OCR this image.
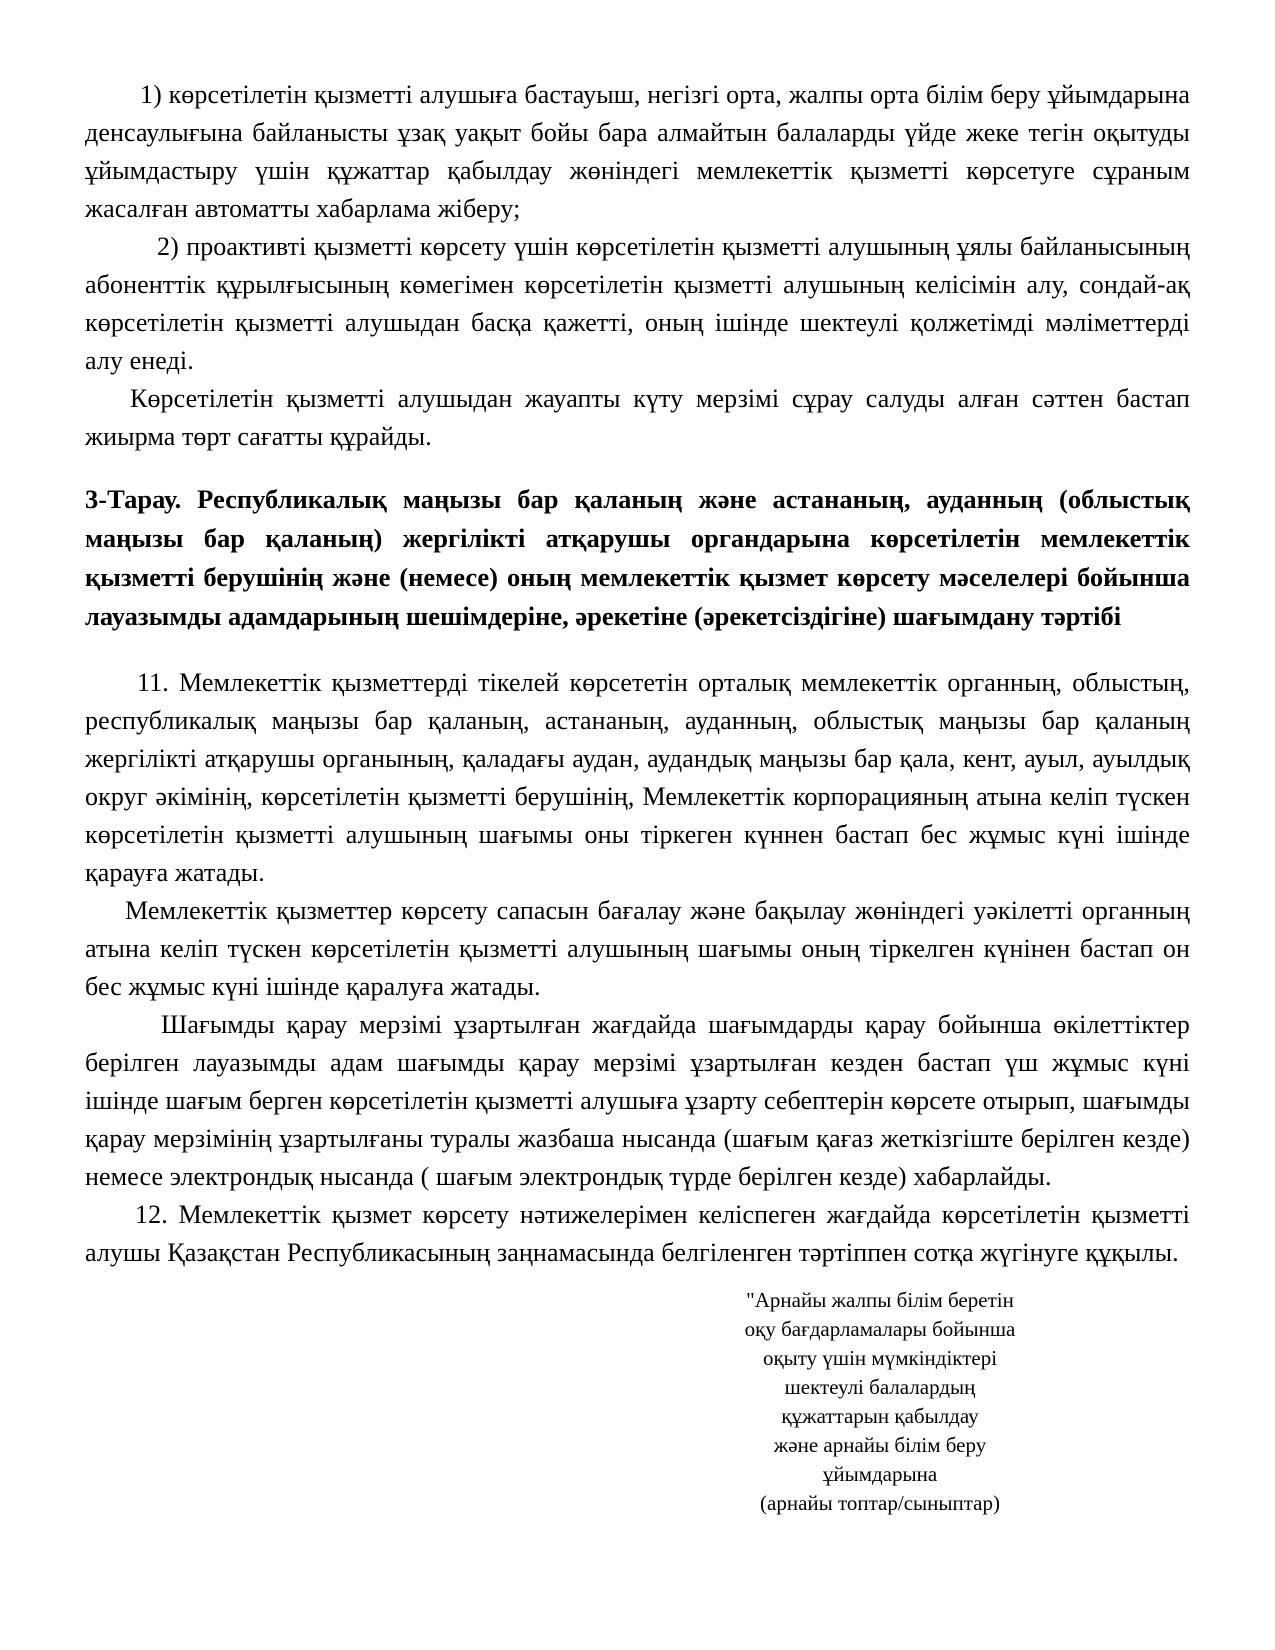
1) көрсетілетін қызметті алушыға бастауыш, негізгі орта, жалпы орта білім беру ұйымдарына денсаулығына байланысты ұзақ уақыт бойы бара алмайтын балаларды үйде жеке тегін оқытуды ұйымдастыру үшін құжаттар қабылдау жөніндегі мемлекеттік қызметті көрсетуге сұраным жасалған автоматты хабарлама жіберу;

2) проактивті қызметті көрсету үшін көрсетілетін қызметті алушының ұялы байланысының абоненттік құрылғысының көмегімен көрсетілетін қызметті алушының келісімін алу, сондай-ақ көрсетілетін қызметті алушыдан басқа қажетті, оның ішінде шектеулі қолжетімді мәліметтерді алу енеді.

Көрсетілетін қызметті алушыдан жауапты күту мерзімі сұрау салуды алған сәттен бастап жиырма төрт сағатты құрайды.

3-Тарау. Республикалық маңызы бар қаланың және астананың, ауданның (облыстық маңызы бар қаланың) жергілікті атқарушы органдарына көрсетілетін мемлекеттік қызметті берушінің және (немесе) оның мемлекеттік қызмет көрсету мәселелері бойынша лауазымды адамдарының шешімдеріне, әрекетіне (әрекетсіздігіне) шағымдану тәртібі

11. Мемлекеттік қызметтерді тікелей көрсететін орталық мемлекеттік органның, облыстың, республикалық маңызы бар қаланың, астананың, ауданның, облыстық маңызы бар қаланың жергілікті атқарушы органының, қаладағы аудан, аудандық маңызы бар қала, кент, ауыл, ауылдық округ әкімінің, көрсетілетін қызметті берушінің, Мемлекеттік корпорацияның атына келіп түскен көрсетілетін қызметті алушының шағымы оны тіркеген күннен бастап бес жұмыс күні ішінде қарауға жатады.

Мемлекеттік қызметтер көрсету сапасын бағалау және бақылау жөніндегі уәкілетті органның атына келіп түскен көрсетілетін қызметті алушының шағымы оның тіркелген күнінен бастап он бес жұмыс күні ішінде қаралуға жатады.

Шағымды қарау мерзімі ұзартылған жағдайда шағымдарды қарау бойынша өкілеттіктер берілген лауазымды адам шағымды қарау мерзімі ұзартылған кезден бастап үш жұмыс күні ішінде шағым берген көрсетілетін қызметті алушыға ұзарту себептерін көрсете отырып, шағымды қарау мерзімінің ұзартылғаны туралы жазбаша нысанда (шағым қағаз жеткізгіште берілген кезде) немесе электрондық нысанда ( шағым электрондық түрде берілген кезде) хабарлайды.

12. Мемлекеттік қызмет көрсету нәтижелерімен келіспеген жағдайда көрсетілетін қызметті алушы Қазақстан Республикасының заңнамасында белгіленген тәртіппен сотқа жүгінуге құқылы.

"Арнайы жалпы білім беретін
оқу бағдарламалары бойынша
оқыту үшін мүмкіндіктері
шектеулі балалардың
құжаттарын қабылдау
және арнайы білім беру
ұйымдарына
(арнайы топтар/сыныптар)
